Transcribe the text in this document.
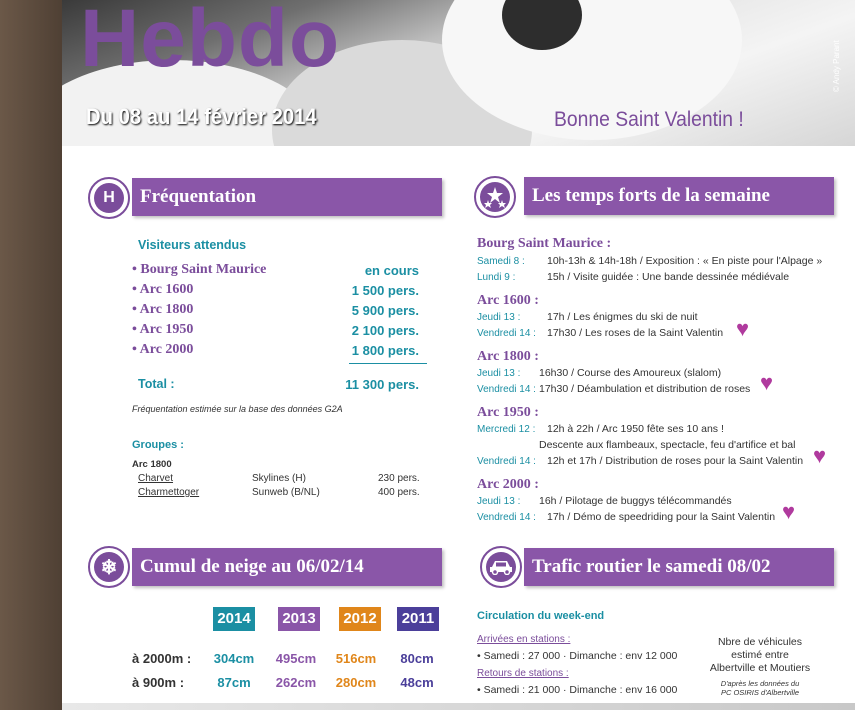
Hebdo
Du 08 au 14 février 2014	Bonne Saint Valentin !
© Andy Parant
H	Fréquentation
Visiteurs attendus
• Bourg Saint Maurice	en cours
• Arc 1600	1 500 pers.
• Arc 1800	5 900 pers.
• Arc 1950	2 100 pers.
• Arc 2000	1 800 pers.
Total :	11 300 pers.
Fréquentation estimée sur la base des données G2A
Groupes :
Arc 1800
Charvet	Skylines (H)	230 pers.
Charmettoger	Sunweb (B/NL)	400 pers.
Les temps forts de la semaine
Bourg Saint Maurice :
Samedi 8 : 10h-13h & 14h-18h / Exposition : « En piste pour l'Alpage »
Lundi 9 :	15h / Visite guidée : Une bande dessinée médiévale
Arc 1600 :
Jeudi 13 :	17h / Les énigmes du ski de nuit
Vendredi 14 : 17h30 / Les roses de la Saint Valentin ♥
Arc 1800 :
Jeudi 13 : 16h30 / Course des Amoureux (slalom)
Vendredi 14 : 17h30 / Déambulation et distribution de roses ♥
Arc 1950 :
Mercredi 12 : 12h à 22h / Arc 1950 fête ses 10 ans !
Descente aux flambeaux, spectacle, feu d'artifice et bal
Vendredi 14 : 12h et 17h / Distribution de roses pour la Saint Valentin ♥
Arc 2000 :
Jeudi 13 : 16h / Pilotage de buggys télécommandés
Vendredi 14 : 17h / Démo de speedriding pour la Saint Valentin ♥
❄	Cumul de neige au 06/02/14
2014 2013 2012	2011
à 2000m :	304cm	495cm	516cm	80cm
à 900m :	87cm	262cm	280cm	48cm
Trafic routier le samedi 08/02
Circulation du week-end
Arrivées en stations :
• Samedi : 27 000 · Dimanche : env 12 000
Retours de stations :
• Samedi : 21 000 · Dimanche : env 16 000
Nbre de véhicules
estimé entre
Albertville et Moutiers
D'après les données du
PC OSIRIS d'Albertville
